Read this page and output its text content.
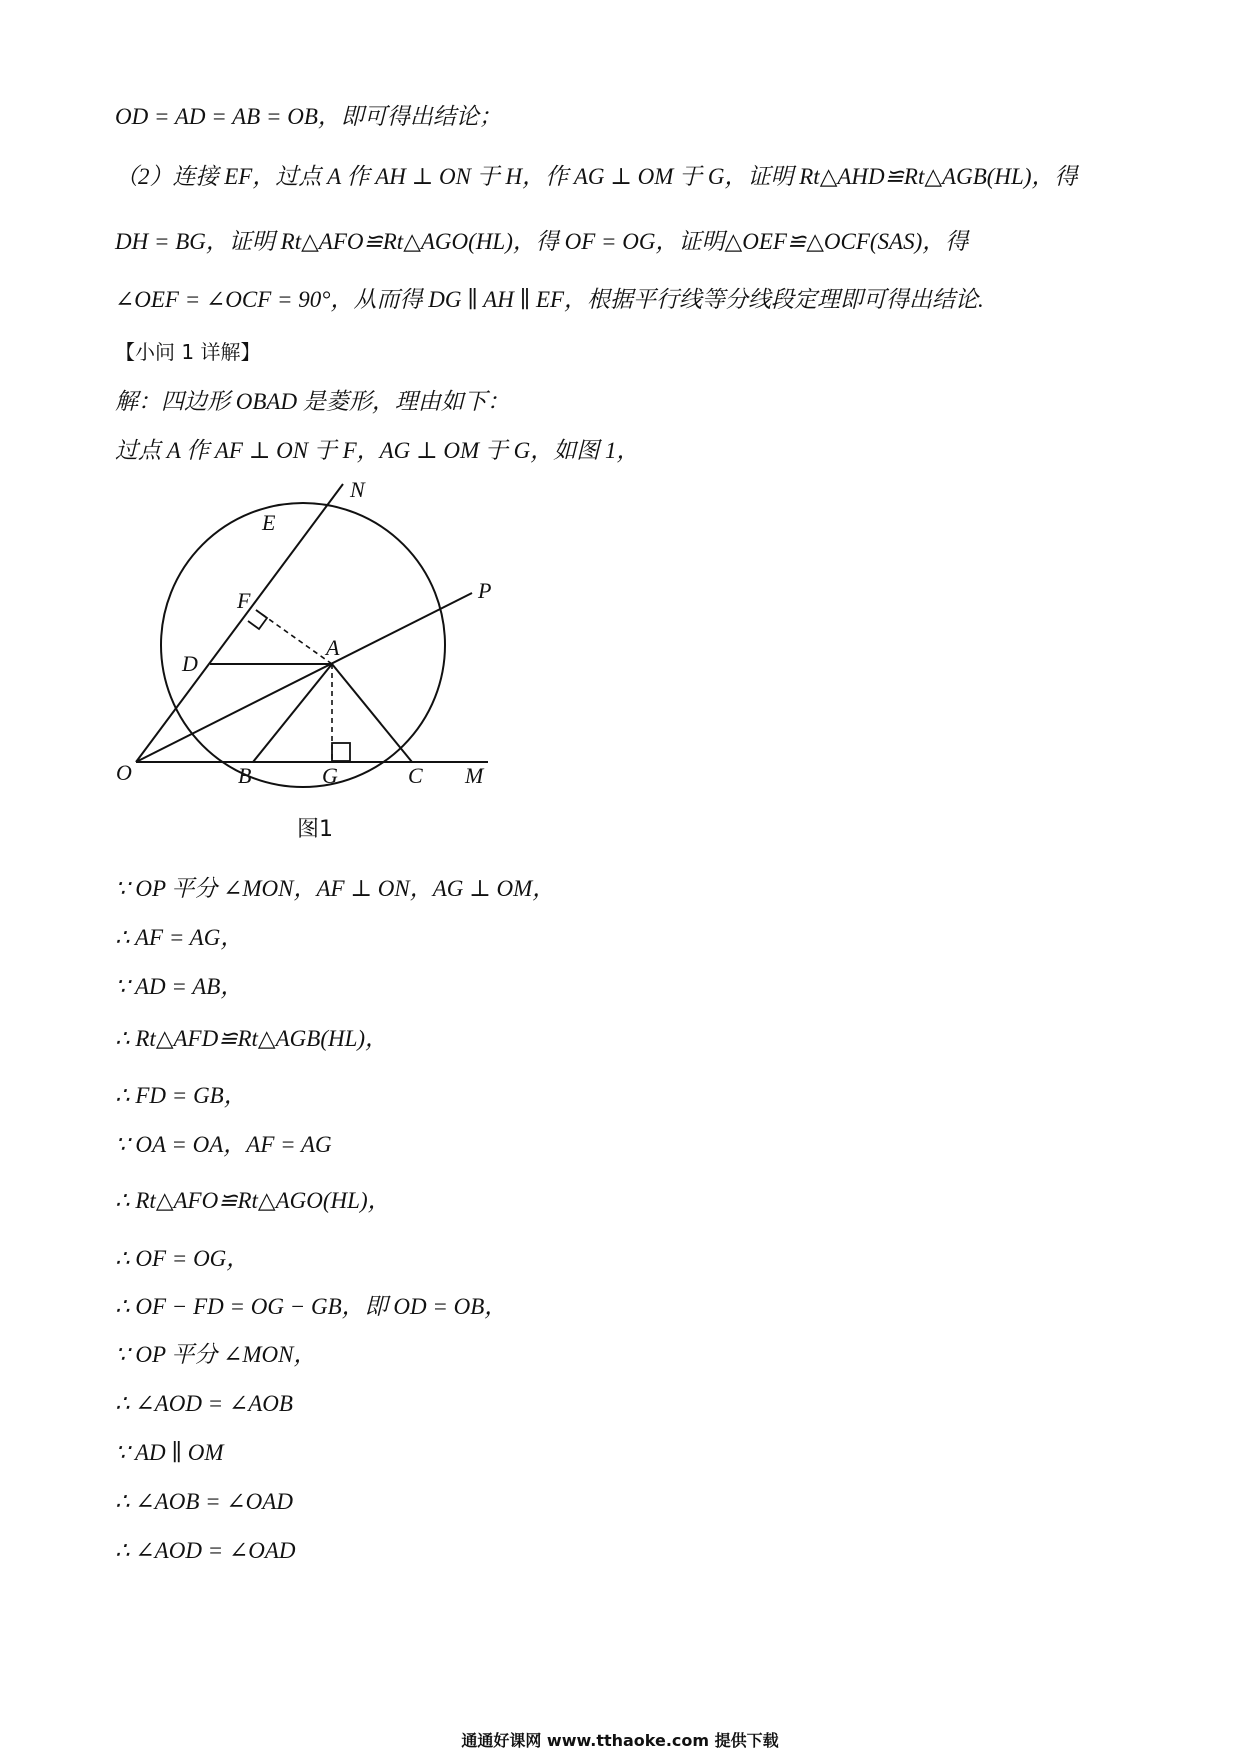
OD = AD = AB = OB，即可得出结论；
（2）连接 EF，过点 A 作 AH ⊥ ON 于 H，作 AG ⊥ OM 于 G，证明 Rt△AHD≌Rt△AGB(HL)，得
DH = BG，证明 Rt△AFO≌Rt△AGO(HL)，得 OF = OG，证明△OEF≌△OCF(SAS)，得
∠OEF = ∠OCF = 90°，从而得 DG ∥ AH ∥ EF，根据平行线等分线段定理即可得出结论.
【小问 1 详解】
解：四边形 OBAD 是菱形，理由如下：
过点 A 作 AF ⊥ ON 于 F，AG ⊥ OM 于 G，如图 1，
N
E
F	P
D
A
O	B	G	C M
图1
∵ OP 平分 ∠MON，AF ⊥ ON，AG ⊥ OM，
∴ AF = AG，
∵ AD = AB，
∴ Rt△AFD≌Rt△AGB(HL)，
∴ FD = GB，
∵ OA = OA，AF = AG
∴ Rt△AFO≌Rt△AGO(HL)，
∴ OF = OG，
∴ OF − FD = OG − GB，即 OD = OB，
∵ OP 平分 ∠MON，
∴ ∠AOD = ∠AOB
∵ AD ∥ OM
∴ ∠AOB = ∠OAD
∴ ∠AOD = ∠OAD
通通好课网 www.tthaoke.com 提供下载
